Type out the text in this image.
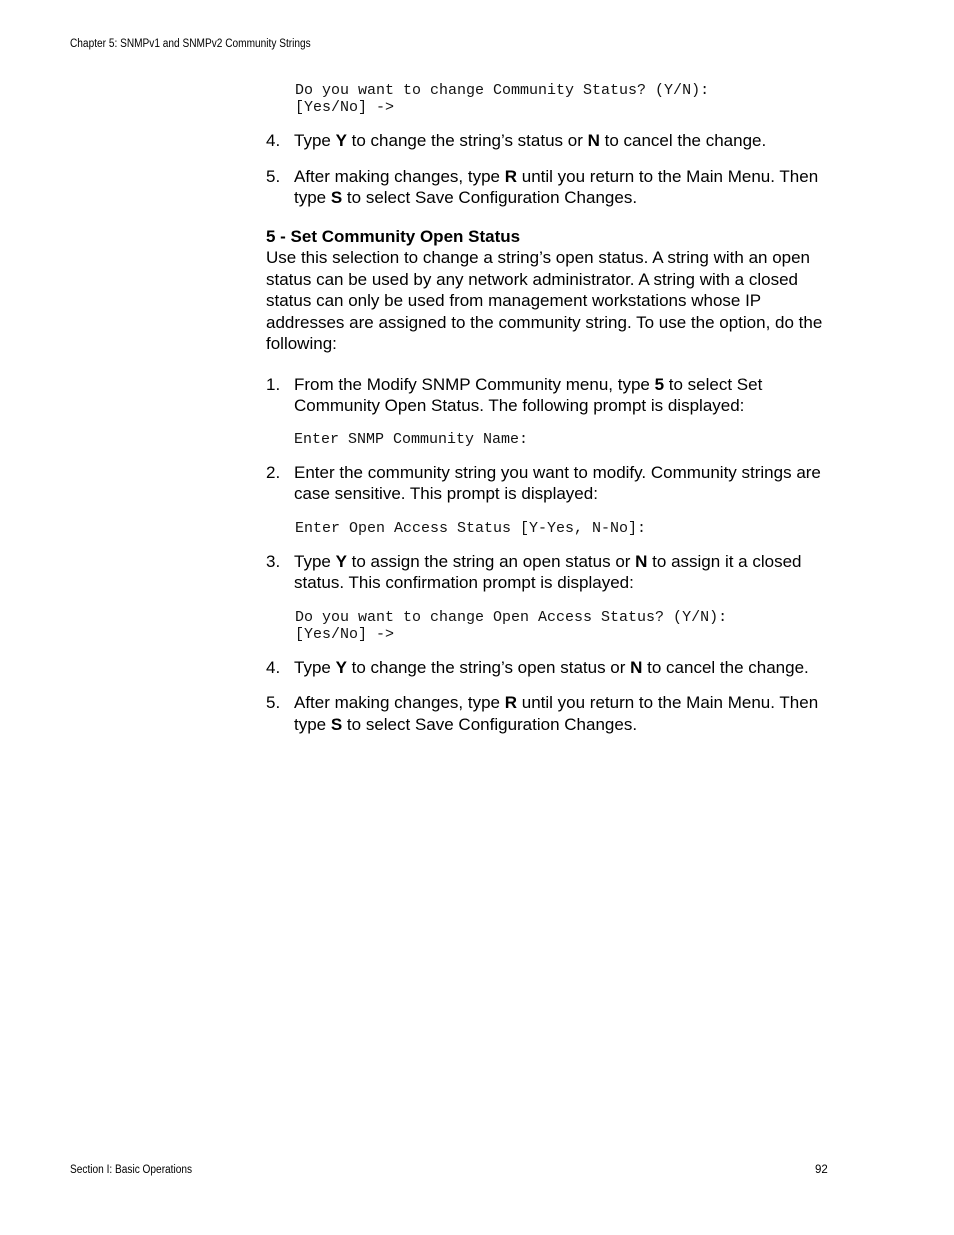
Chapter 5: SNMPv1 and SNMPv2 Community Strings
Do you want to change Community Status? (Y/N):
[Yes/No] ->
4. Type Y to change the string’s status or N to cancel the change.
5. After making changes, type R until you return to the Main Menu. Then type S to select Save Configuration Changes.

5 - Set Community Open Status

Use this selection to change a string’s open status. A string with an open status can be used by any network administrator. A string with a closed status can only be used from management workstations whose IP addresses are assigned to the community string. To use the option, do the following:

1. From the Modify SNMP Community menu, type 5 to select Set Community Open Status. The following prompt is displayed:
Enter SNMP Community Name:
2. Enter the community string you want to modify. Community strings are case sensitive. This prompt is displayed:
Enter Open Access Status [Y-Yes, N-No]:
3. Type Y to assign the string an open status or N to assign it a closed status. This confirmation prompt is displayed:
Do you want to change Open Access Status? (Y/N):
[Yes/No] ->
4. Type Y to change the string’s open status or N to cancel the change.
5. After making changes, type R until you return to the Main Menu. Then type S to select Save Configuration Changes.
Section I: Basic Operations	92
